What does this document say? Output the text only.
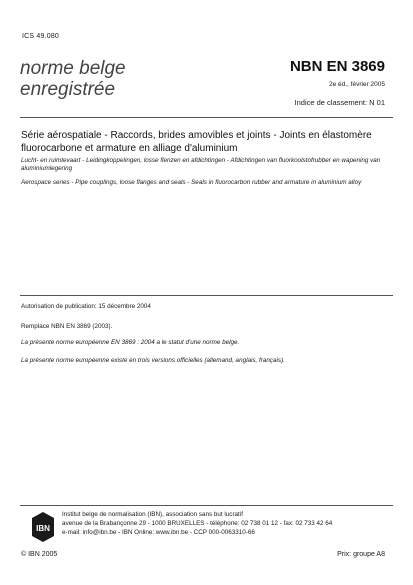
ICS 49.080
norme belge
enregistrée
NBN EN 3869
2e éd., février 2005
Indice de classement: N 01
Série aérospatiale - Raccords, brides amovibles et joints - Joints en élastomère fluorocarbone et armature en alliage d'aluminium
Lucht- en ruimtevaart - Leidingkoppelingen, losse flenzen en afdichtingen - Afdichtingen van fluorkoolstofrubber en wapening van aluminiumlegering
Aerospace series - Pipe couplings, loose flanges and seals - Seals in fluorocarbon rubber and armature in aluminium alloy
Autorisation de publication: 15 décembre 2004
Remplace NBN EN 3869 (2003).
La présente norme européenne EN 3869 : 2004 a le statut d'une norme belge.
La présente norme européenne existe en trois versions officielles (allemand, anglais, français).
IBN
Institut belge de normalisation (IBN), association sans but lucratif
avenue de la Brabançonne 29 - 1000 BRUXELLES - téléphone: 02 738 01 12 - fax: 02 733 42 64
e-mail: info@ibn.be - IBN Online: www.ibn.be - CCP 000-0063310-66
© IBN 2005	Prix: groupe A8
